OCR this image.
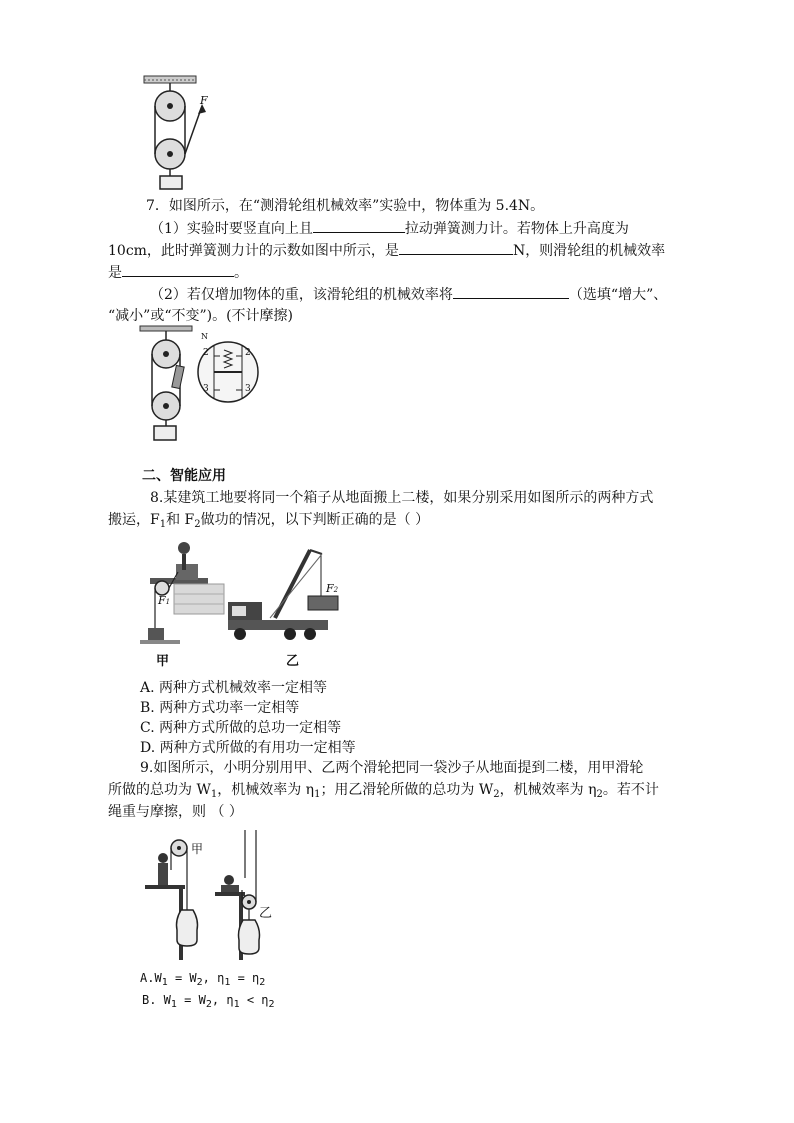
F
7．如图所示，在“测滑轮组机械效率”实验中，物体重为 5.4N。
（1）实验时要竖直向上且	拉动弹簧测力计。若物体上升高度为
10cm，此时弹簧测力计的示数如图中所示，是	N，则滑轮组的机械效率
是	。
（2）若仅增加物体的重，该滑轮组的机械效率将	（选填“增大”、
“减小”或“不变”)。(不计摩擦)
N
2	2
3	3
二、智能应用
8.某建筑工地要将同一个箱子从地面搬上二楼，如果分别采用如图所示的两种方式
搬运，$F_1$和 $F_2$做功的情况，以下判断正确的是（ ）
F1
F2
甲	乙
A. 两种方式机械效率一定相等
B. 两种方式功率一定相等
C. 两种方式所做的总功一定相等
D. 两种方式所做的有用功一定相等
9.如图所示，小明分别用甲、乙两个滑轮把同一袋沙子从地面提到二楼，用甲滑轮
所做的总功为 $W_1$，机械效率为 $\eta_1$；用乙滑轮所做的总功为 $W_2$，机械效率为 $\eta_2$。若不计
绳重与摩擦，则 （ ）
甲
乙
$A.W_1 = W_2$, $\eta_1 = \eta_2$
B. $W_1 = W_2$, $\eta_1 < \eta_2$
